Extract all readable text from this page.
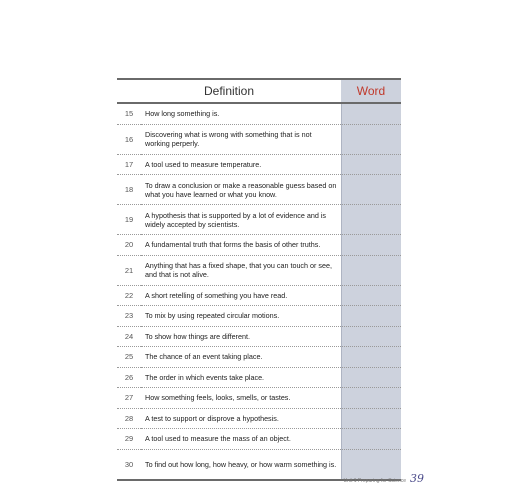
Definition		Word
15	How long something is.	
16	Discovering what is wrong with something that is not working perperly.	
17	A tool used to measure temperature.	
18	To draw a conclusion or make a reasonable guess based on what you have learned or what you know.	
19	A hypothesis that is supported by a lot of evidence and is widely accepted by scientists.	
20	A fundamental truth that forms the basis of other truths.	
21	Anything that has a fixed shape, that you can touch or see, and that is not alive.	
22	A short retelling of something you have read.	
23	To mix by using repeated circular motions.	
24	To show how things are different.	
25	The chance of an event taking place.	
26	The order in which events take place.	
27	How something feels, looks, smells, or tastes.	
28	A test to support or disprove a hypothesis.	
29	A tool used to measure the mass of an object.	
30	To find out how long, how heavy, or how warm something is.	
Unit 1 Preparing for Science 39
